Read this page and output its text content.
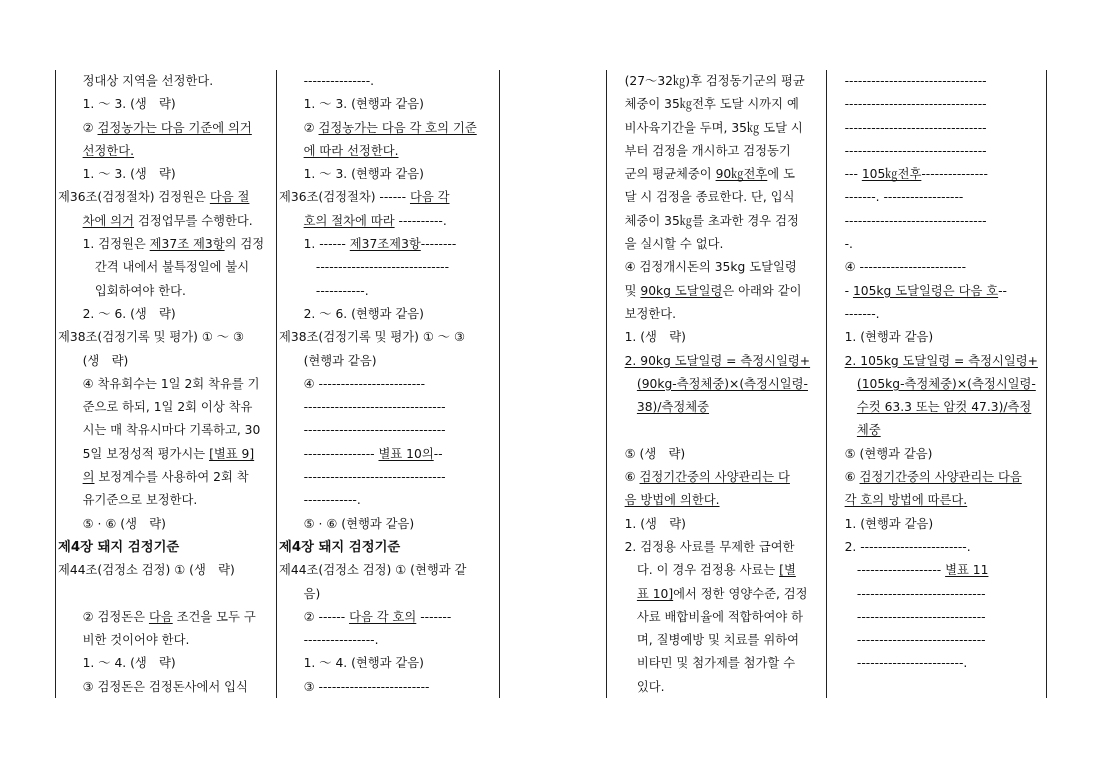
　　정대상 지역을 선정한다.
　　1. ～ 3. (생　략)
　　② 검정농가는 다음 기준에 의거
　　선정한다.
　　1. ～ 3. (생　략)
제36조(검정절차) 검정원은 다음 절
　　차에 의거 검정업무를 수행한다.
　　1. 검정원은 제37조 제3항의 검정
　　　간격 내에서 불특정일에 불시
　　　입회하여야 한다.
　　2. ～ 6. (생　략)
제38조(검정기록 및 평가) ① ～ ③
　　(생　략)
　　④ 착유회수는 1일 2회 착유를 기
　　준으로 하되, 1일 2회 이상 착유
　　시는 매 착유시마다 기록하고, 30
　　5일 보정성적 평가시는 [별표 9]
　　의 보정계수를 사용하여 2회 착
　　유기준으로 보정한다.
　　⑤ · ⑥ (생　략)
제4장 돼지 검정기준
제44조(검정소 검정) ① (생　략)
　　② 검정돈은 다음 조건을 모두 구
　　비한 것이어야 한다.
　　1. ～ 4. (생　략)
　　③ 검정돈은 검정돈사에서 입식
　　---------------.
　　1. ～ 3. (현행과 같음)
　　② 검정농가는 다음 각 호의 기준
　　에 따라 선정한다.
　　1. ～ 3. (현행과 같음)
제36조(검정절차) ------ 다음 각
　　호의 절차에 따라 ----------.
　　1. ------ 제37조제3항--------
　　　------------------------------
　　　-----------.
　　2. ～ 6. (현행과 같음)
제38조(검정기록 및 평가) ① ～ ③
　　(현행과 같음)
　　④ ------------------------
　　--------------------------------
　　--------------------------------
　　---------------- 별표 10의--
　　--------------------------------
　　------------.
　　⑤ · ⑥ (현행과 같음)
제4장 돼지 검정기준
제44조(검정소 검정) ① (현행과 같
　　음)
　　② ------ 다음 각 호의 -------
　　----------------.
　　1. ～ 4. (현행과 같음)
　　③ -------------------------
　　(27～32㎏)후 검정동기군의 평균
　　체중이 35㎏전후 도달 시까지 예
　　비사육기간을 두며, 35㎏ 도달 시
　　부터 검정을 개시하고 검정동기
　　군의 평균체중이 90㎏전후에 도
　　달 시 검정을 종료한다. 단, 입식
　　체중이 35㎏를 초과한 경우 검정
　　을 실시할 수 없다.
　　④ 검정개시돈의 35kg 도달일령
　　및 90kg 도달일령은 아래와 같이
　　보정한다.
　　1. (생　략)
　　2. 90kg 도달일령 = 측정시일령+
　　　(90kg-측정체중)×(측정시일령-
　　　38)/측정체중
　　⑤ (생　략)
　　⑥ 검정기간중의 사양관리는 다
　　음 방법에 의한다.
　　1. (생　략)
　　2. 검정용 사료를 무제한 급여한
　　　다. 이 경우 검정용 사료는 [별
　　　표 10]에서 정한 영양수준, 검정
　　　사료 배합비율에 적합하여야 하
　　　며, 질병예방 및 치료를 위하여
　　　비타민 및 첨가제를 첨가할 수
　　　있다.
　　--------------------------------
　　--------------------------------
　　--------------------------------
　　--------------------------------
　　--- 105㎏전후---------------
　　-------. ------------------
　　--------------------------------
　　-.
　　④ ------------------------
　　- 105kg 도달일령은 다음 호--
　　-------.
　　1. (현행과 같음)
　　2. 105kg 도달일령 = 측정시일령+
　　　(105kg-측정체중)×(측정시일령-
　　　수컷 63.3 또는 암컷 47.3)/측정
　　　체중
　　⑤ (현행과 같음)
　　⑥ 검정기간중의 사양관리는 다음
　　각 호의 방법에 따른다.
　　1. (현행과 같음)
　　2. ------------------------.
　　　------------------- 별표 11
　　　-----------------------------
　　　-----------------------------
　　　-----------------------------
　　　------------------------.
